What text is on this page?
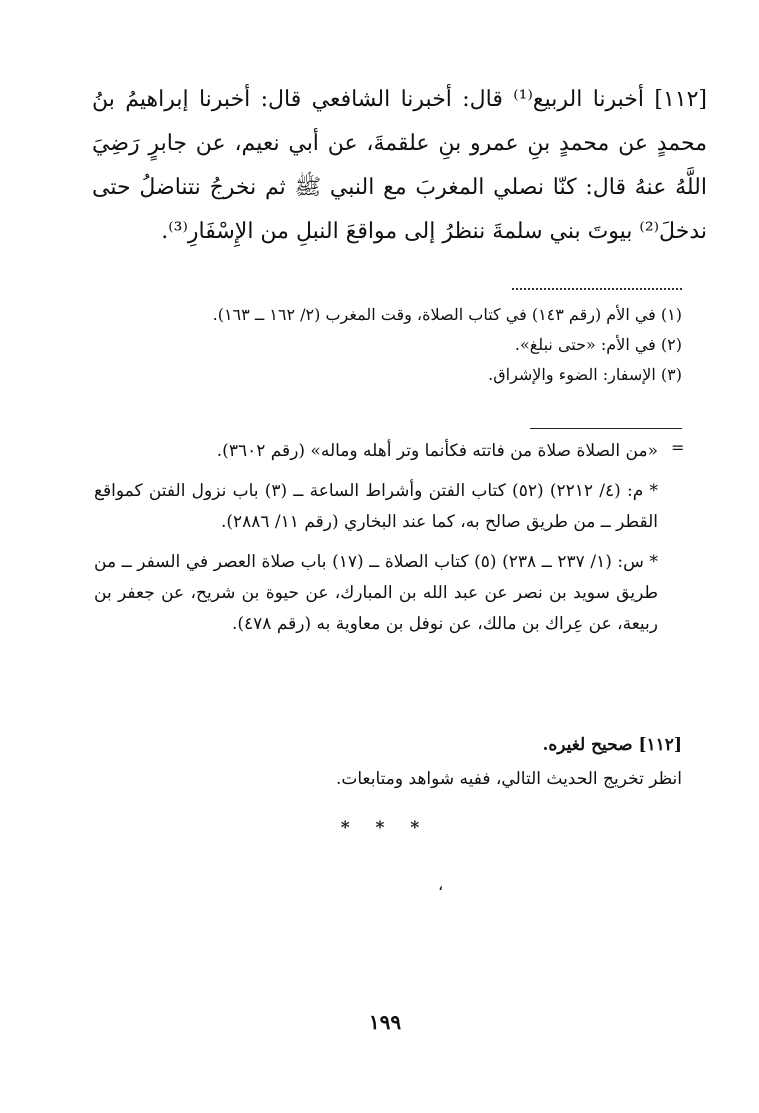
[١١٢] أخبرنا الربيع⁽¹⁾ قال: أخبرنا الشافعي قال: أخبرنا إبراهيمُ بنُ محمدٍ عن محمدٍ بنِ عمرو بنِ علقمةَ، عن أبي نعيم، عن جابرٍ رَضِيَ اللَّهُ عنهُ قال: كنّا نصلي المغربَ مع النبي ﷺ ثم نخرجُ نتناضلُ حتى ندخلَ⁽²⁾ بيوتَ بني سلمةَ ننظرُ إلى مواقعَ النبلِ من الإِسْفَارِ⁽³⁾.

(١) في الأم (رقم ١٤٣) في كتاب الصلاة، وقت المغرب (٢/ ١٦٢ ــ ١٦٣).
(٢) في الأم: «حتى نبلغ».
(٣) الإسفار: الضوء والإشراق.
=

«من الصلاة صلاة من فاتته فكأنما وتر أهله وماله» (رقم ٣٦٠٢).

* م: (٤/ ٢٢١٢) (٥٢) كتاب الفتن وأشراط الساعة ــ (٣) باب نزول الفتن كمواقع القطر ــ من طريق صالح به، كما عند البخاري (رقم ١١/ ٢٨٨٦).

* س: (١/ ٢٣٧ ــ ٢٣٨) (٥) كتاب الصلاة ــ (١٧) باب صلاة العصر في السفر ــ من طريق سويد بن نصر عن عبد الله بن المبارك، عن حيوة بن شريح، عن جعفر بن ربيعة، عن عِراك بن مالك، عن نوفل بن معاوية به (رقم ٤٧٨).

[١١٢] صحيح لغيره.

انظر تخريج الحديث التالي، ففيه شواهد ومتابعات.

* * *
،
١٩٩
